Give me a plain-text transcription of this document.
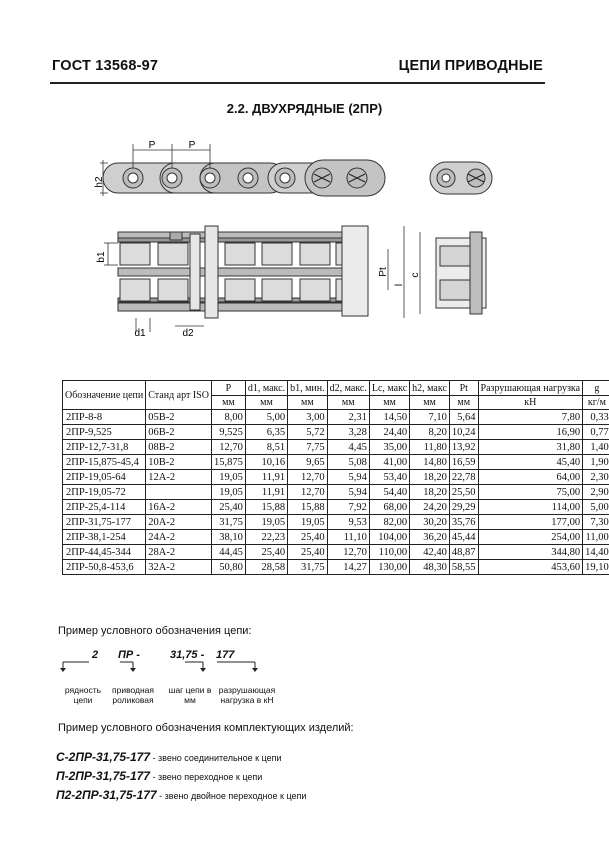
ГОСТ 13568-97	ЦЕПИ ПРИВОДНЫЕ
2.2. ДВУХРЯДНЫЕ (2ПР)
P	P
h2
b1
Pt
l
c
d1	d2
Обозначение цепи	Станд арт ISO	P	d1, макс.	b1, мин.	d2, макс.	Lc, макс	h2, макс	Pt	Разрушающая нагрузка	g
		мм	мм	мм	мм	мм	мм	мм	кН	кг/м
2ПР-8-8	05В-2	8,00	5,00	3,00	2,31	14,50	7,10	5,64	7,80	0,33
2ПР-9,525	06В-2	9,525	6,35	5,72	3,28	24,40	8,20	10,24	16,90	0,77
2ПР-12,7-31,8	08В-2	12,70	8,51	7,75	4,45	35,00	11,80	13,92	31,80	1,40
2ПР-15,875-45,4	10В-2	15,875	10,16	9,65	5,08	41,00	14,80	16,59	45,40	1,90
2ПР-19,05-64	12А-2	19,05	11,91	12,70	5,94	53,40	18,20	22,78	64,00	2,30
2ПР-19,05-72		19,05	11,91	12,70	5,94	54,40	18,20	25,50	75,00	2,90
2ПР-25,4-114	16А-2	25,40	15,88	15,88	7,92	68,00	24,20	29,29	114,00	5,00
2ПР-31,75-177	20А-2	31,75	19,05	19,05	9,53	82,00	30,20	35,76	177,00	7,30
2ПР-38,1-254	24А-2	38,10	22,23	25,40	11,10	104,00	36,20	45,44	254,00	11,00
2ПР-44,45-344	28А-2	44,45	25,40	25,40	12,70	110,00	42,40	48,87	344,80	14,40
2ПР-50,8-453,6	32А-2	50,80	28,58	31,75	14,27	130,00	48,30	58,55	453,60	19,10
Пример условного обозначения цепи:
2 ПР -	31,75 - 177
рядность цепи
приводная роликовая
шаг цепи в мм
разрушающая нагрузка в кН
Пример условного обозначения комплектующих изделий:
С-2ПР-31,75-177 - звено соединительное к цепи
П-2ПР-31,75-177 - звено переходное к цепи
П2-2ПР-31,75-177 - звено двойное переходное к цепи
